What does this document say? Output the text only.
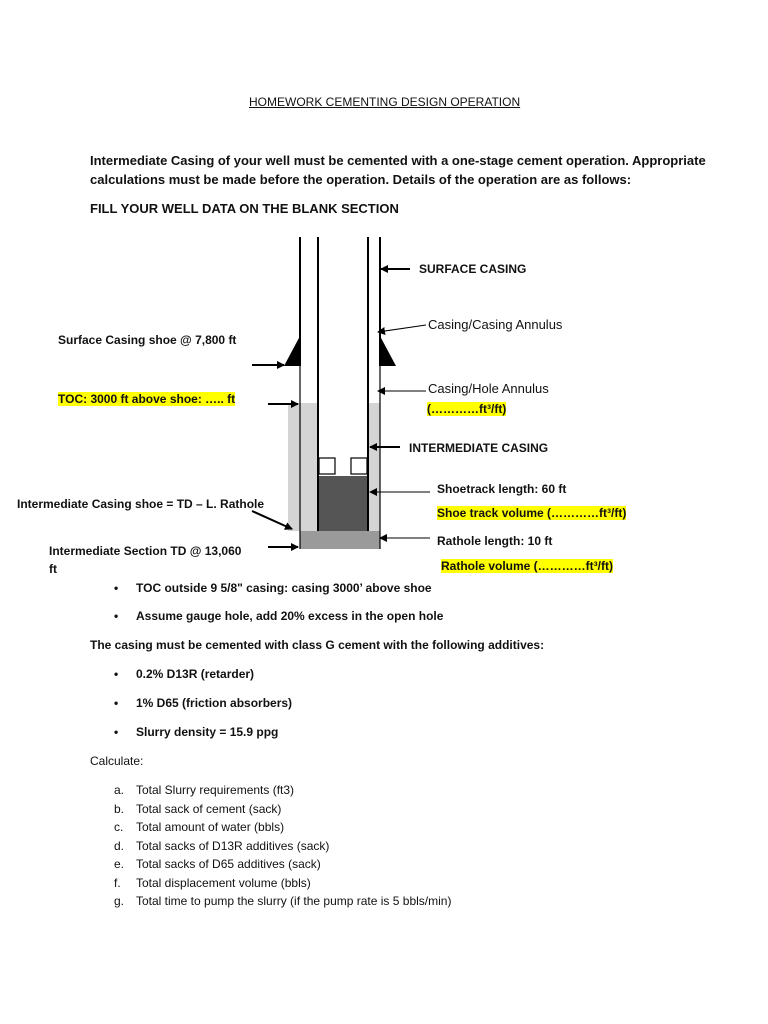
HOMEWORK CEMENTING DESIGN OPERATION
Intermediate Casing of your well must be cemented with a one-stage cement operation. Appropriate
calculations must be made before the operation. Details of the operation are as follows:
FILL YOUR WELL DATA ON THE BLANK SECTION
SURFACE CASING
Casing/Casing Annulus
Casing/Hole Annulus
(…………ft³/ft)
INTERMEDIATE CASING
Shoetrack length: 60 ft
Shoe track volume (…………ft³/ft)
Rathole length: 10 ft
Rathole volume (…………ft³/ft)
Surface Casing shoe @ 7,800 ft
TOC: 3000 ft above shoe: ….. ft
Intermediate Casing shoe = TD – L. Rathole
Intermediate Section TD @ 13,060
ft
• TOC outside 9 5/8" casing: casing 3000’ above shoe
• Assume gauge hole, add 20% excess in the open hole
The casing must be cemented with class G cement with the following additives:
• 0.2% D13R (retarder)
• 1% D65 (friction absorbers)
• Slurry density = 15.9 ppg
Calculate:
a. Total Slurry requirements (ft3)
b. Total sack of cement (sack)
c. Total amount of water (bbls)
d. Total sacks of D13R additives (sack)
e. Total sacks of D65 additives (sack)
f. Total displacement volume (bbls)
g. Total time to pump the slurry (if the pump rate is 5 bbls/min)
